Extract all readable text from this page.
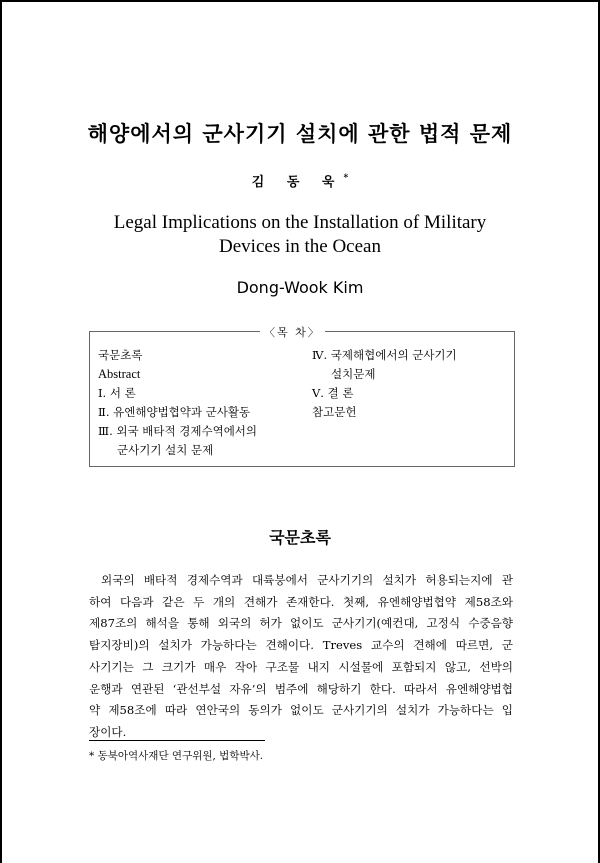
해양에서의 군사기기 설치에 관한 법적 문제
김 동 욱*
Legal Implications on the Installation of Military
Devices in the Ocean
Dong-Wook Kim
〈목 차〉
국문초록
Abstract
Ⅰ. 서 론
Ⅱ. 유엔해양법협약과 군사활동
Ⅲ. 외국 배타적 경제수역에서의
군사기기 설치 문제
Ⅳ. 국제해협에서의 군사기기
설치문제
Ⅴ. 결 론
참고문헌
국문초록
외국의 배타적 경제수역과 대륙붕에서 군사기기의 설치가 허용되는지에 관
하여 다음과 같은 두 개의 견해가 존재한다. 첫째, 유엔해양법협약 제58조와
제87조의 해석을 통해 외국의 허가 없이도 군사기기(예컨대, 고정식 수중음향
탐지장비)의 설치가 가능하다는 견해이다. Treves 교수의 견해에 따르면, 군
사기기는 그 크기가 매우 작아 구조물 내지 시설물에 포함되지 않고, 선박의
운행과 연관된 ‘관선부설 자유’의 범주에 해당하기 한다. 따라서 유엔해양법협
약 제58조에 따라 연안국의 동의가 없이도 군사기기의 설치가 가능하다는 입
장이다.
* 동북아역사재단 연구위원, 법학박사.
